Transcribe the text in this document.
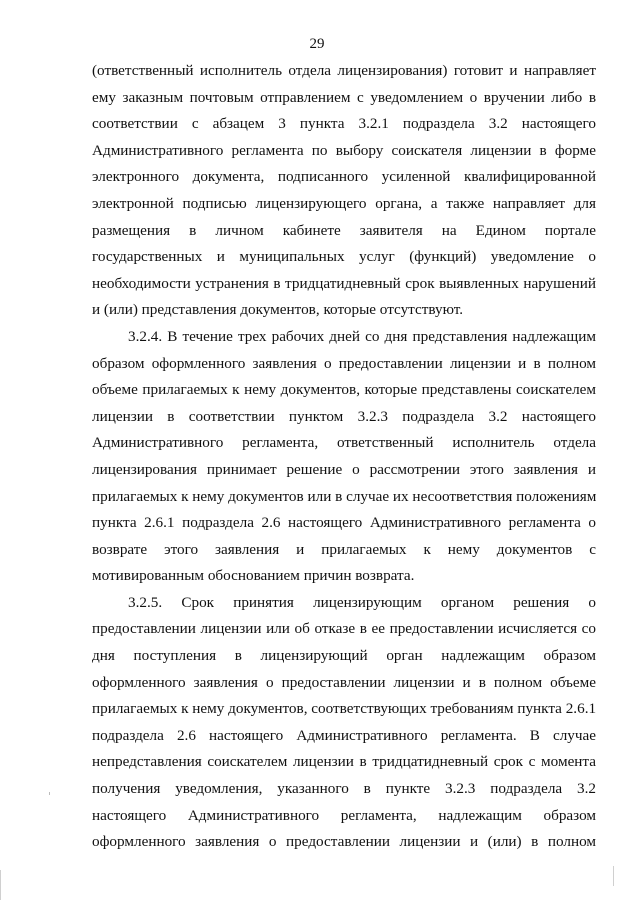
29
(ответственный исполнитель отдела лицензирования) готовит и направляет
ему заказным почтовым отправлением с уведомлением о вручении либо в
соответствии с абзацем 3 пункта 3.2.1 подраздела 3.2 настоящего
Административного регламента по выбору соискателя лицензии в форме
электронного документа, подписанного усиленной квалифицированной
электронной подписью лицензирующего органа, а также направляет для
размещения в личном кабинете заявителя на Едином портале
государственных и муниципальных услуг (функций) уведомление о
необходимости устранения в тридцатидневный срок выявленных нарушений
и (или) представления документов, которые отсутствуют.
3.2.4. В течение трех рабочих дней со дня представления надлежащим
образом оформленного заявления о предоставлении лицензии и в полном
объеме прилагаемых к нему документов, которые представлены соискателем
лицензии в соответствии пунктом 3.2.3 подраздела 3.2 настоящего
Административного регламента, ответственный исполнитель отдела
лицензирования принимает решение о рассмотрении этого заявления и
прилагаемых к нему документов или в случае их несоответствия положениям
пункта 2.6.1 подраздела 2.6 настоящего Административного регламента о
возврате этого заявления и прилагаемых к нему документов с
мотивированным обоснованием причин возврата.
3.2.5. Срок принятия лицензирующим органом решения о
предоставлении лицензии или об отказе в ее предоставлении исчисляется со
дня поступления в лицензирующий орган надлежащим образом
оформленного заявления о предоставлении лицензии и в полном объеме
прилагаемых к нему документов, соответствующих требованиям пункта 2.6.1
подраздела 2.6 настоящего Административного регламента. В случае
непредставления соискателем лицензии в тридцатидневный срок с момента
получения уведомления, указанного в пункте 3.2.3 подраздела 3.2
настоящего Административного регламента, надлежащим образом
оформленного заявления о предоставлении лицензии и (или) в полном
